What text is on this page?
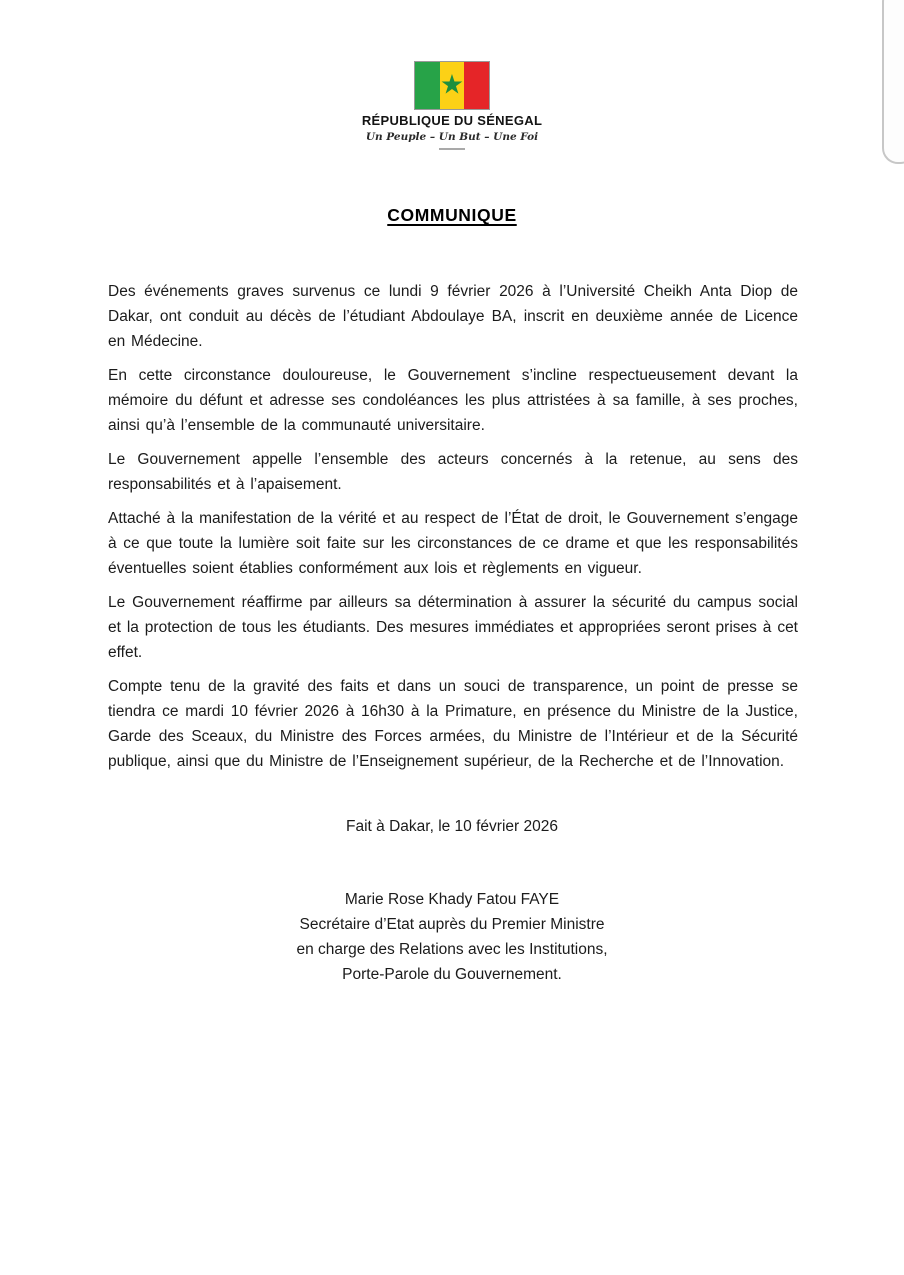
★
RÉPUBLIQUE DU SÉNEGAL
Un Peuple – Un But – Une Foi
COMMUNIQUE

Des événements graves survenus ce lundi 9 février 2026 à l’Université Cheikh Anta Diop de Dakar, ont conduit au décès de l’étudiant Abdoulaye BA, inscrit en deuxième année de Licence en Médecine.

En cette circonstance douloureuse, le Gouvernement s’incline respectueusement devant la mémoire du défunt et adresse ses condoléances les plus attristées à sa famille, à ses proches, ainsi qu’à l’ensemble de la communauté universitaire.

Le Gouvernement appelle l’ensemble des acteurs concernés à la retenue, au sens des responsabilités et à l’apaisement.

Attaché à la manifestation de la vérité et au respect de l’État de droit, le Gouvernement s’engage à ce que toute la lumière soit faite sur les circonstances de ce drame et que les responsabilités éventuelles soient établies conformément aux lois et règlements en vigueur.

Le Gouvernement réaffirme par ailleurs sa détermination à assurer la sécurité du campus social et la protection de tous les étudiants. Des mesures immédiates et appropriées seront prises à cet effet.

Compte tenu de la gravité des faits et dans un souci de transparence, un point de presse se tiendra ce mardi 10 février 2026 à 16h30 à la Primature, en présence du Ministre de la Justice, Garde des Sceaux, du Ministre des Forces armées, du Ministre de l’Intérieur et de la Sécurité publique, ainsi que du Ministre de l’Enseignement supérieur, de la Recherche et de l’Innovation.

Fait à Dakar, le 10 février 2026
Marie Rose Khady Fatou FAYE
Secrétaire d’Etat auprès du Premier Ministre
en charge des Relations avec les Institutions,
Porte-Parole du Gouvernement.
